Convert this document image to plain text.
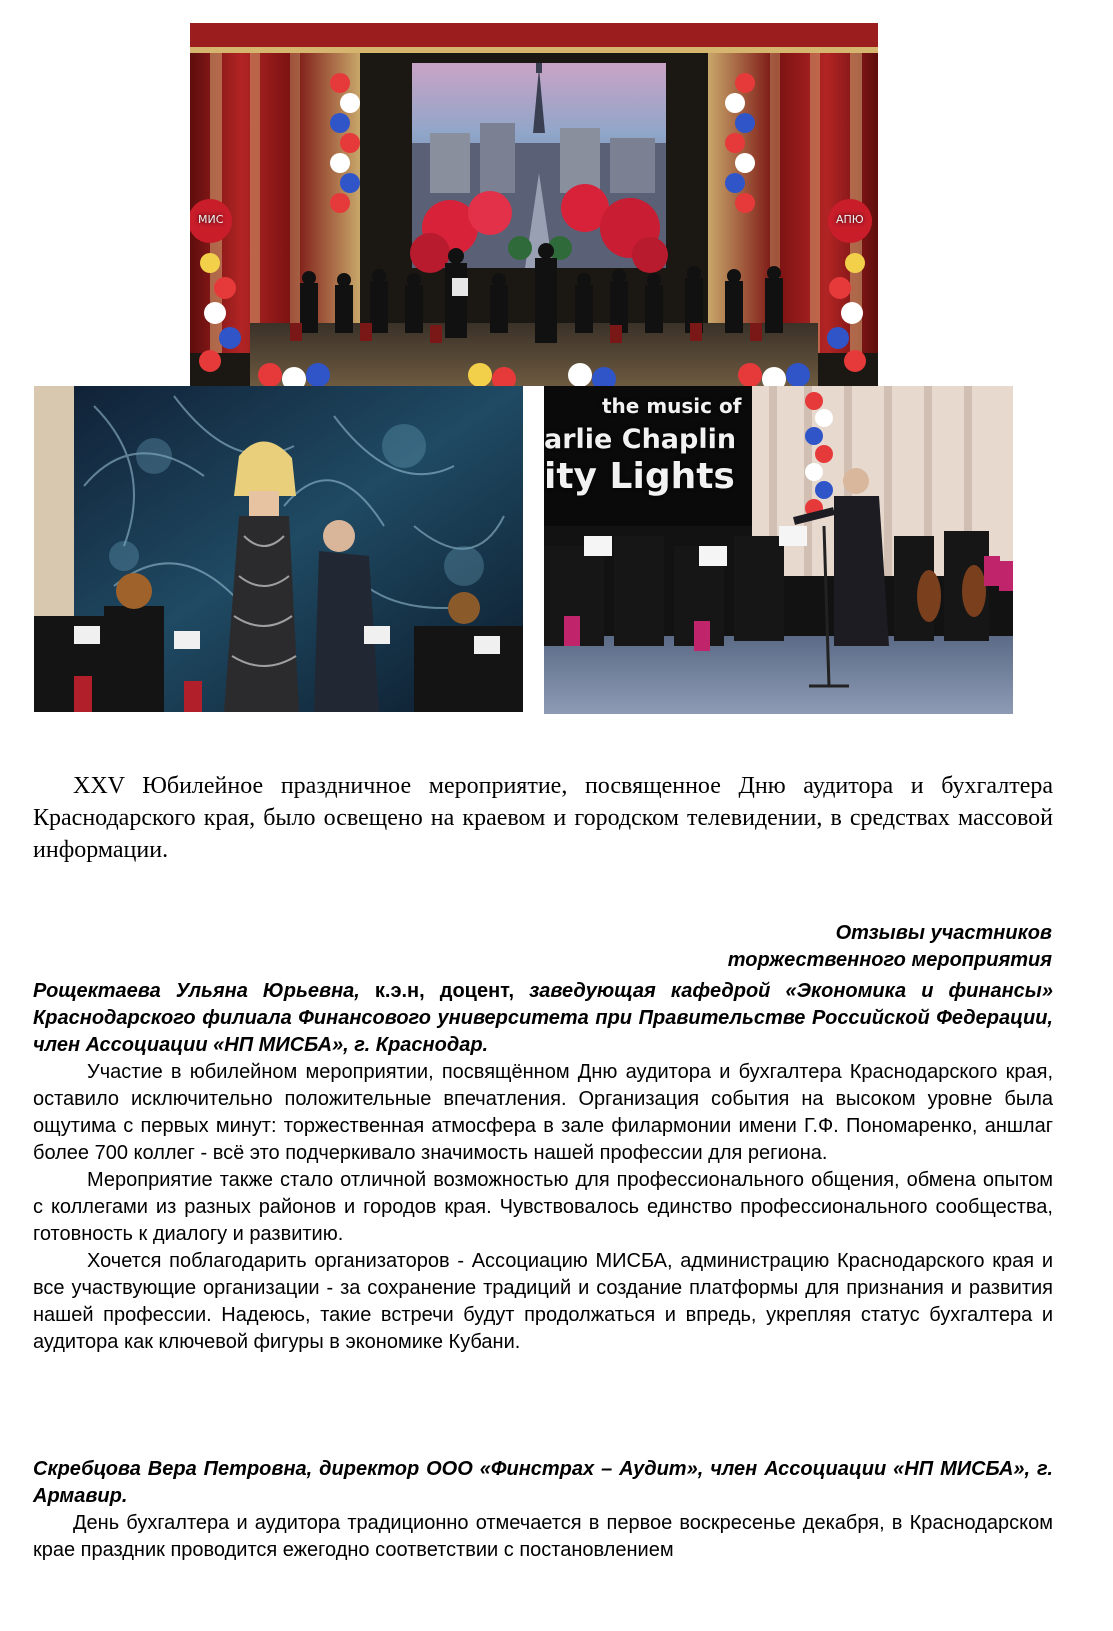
МИС	АПЮ
the music of
arlie Chaplin
ity Lights
XXV Юбилейное праздничное мероприятие, посвященное Дню аудитора и бухгалтера Краснодарского края, было освещено на краевом и городском телевидении, в средствах массовой информации.
Отзывы участников
торжественного мероприятия
Рощектаева Ульяна Юрьевна, к.э.н, доцент, заведующая кафедрой «Экономика и финансы» Краснодарского филиала Финансового университета при Правительстве Российской Федерации, член Ассоциации «НП МИСБА», г. Краснодар.

Участие в юбилейном мероприятии, посвящённом Дню аудитора и бухгалтера Краснодарского края, оставило исключительно положительные впечатления. Организация события на высоком уровне была ощутима с первых минут: торжественная атмосфера в зале филармонии имени Г.Ф. Пономаренко, аншлаг более 700 коллег - всё это подчеркивало значимость нашей профессии для региона.

Мероприятие также стало отличной возможностью для профессионального общения, обмена опытом с коллегами из разных районов и городов края. Чувствовалось единство профессионального сообщества, готовность к диалогу и развитию.

Хочется поблагодарить организаторов - Ассоциацию МИСБА, администрацию Краснодарского края и все участвующие организации - за сохранение традиций и создание платформы для признания и развития нашей профессии. Надеюсь, такие встречи будут продолжаться и впредь, укрепляя статус бухгалтера и аудитора как ключевой фигуры в экономике Кубани.

Скребцова Вера Петровна, директор ООО «Финстрах – Аудит», член Ассоциации «НП МИСБА», г. Армавир.

День бухгалтера и аудитора традиционно отмечается в первое воскресенье декабря, в Краснодарском крае праздник проводится ежегодно соответствии с постановлением
